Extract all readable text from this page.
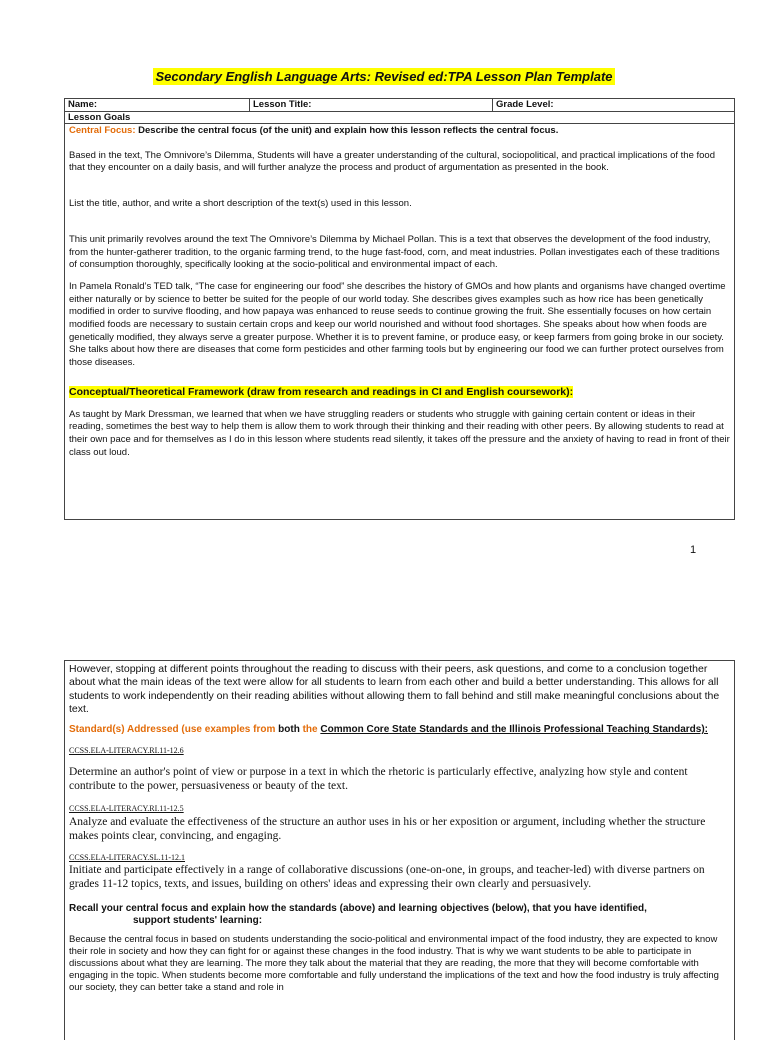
Secondary English Language Arts: Revised ed:TPA Lesson Plan Template
Name:	Lesson Title:	Grade Level:
Lesson Goals

Central Focus: Describe the central focus (of the unit) and explain how this lesson reflects the central focus.

Based in the text, The Omnivore’s Dilemma, Students will have a greater understanding of the cultural, sociopolitical, and practical implications of the food that they encounter on a daily basis, and will further analyze the process and product of argumentation as presented in the book.

List the title, author, and write a short description of the text(s) used in this lesson.

This unit primarily revolves around the text The Omnivore’s Dilemma by Michael Pollan. This is a text that observes the development of the food industry, from the hunter-gatherer tradition, to the organic farming trend, to the huge fast-food, corn, and meat industries. Pollan investigates each of these traditions of consumption thoroughly, specifically looking at the socio-political and environmental impact of each.

In Pamela Ronald’s TED talk, “The case for engineering our food” she describes the history of GMOs and how plants and organisms have changed overtime either naturally or by science to better be suited for the people of our world today. She describes gives examples such as how rice has been genetically modified in order to survive flooding, and how papaya was enhanced to reuse seeds to continue growing the fruit. She essentially focuses on how certain modified foods are necessary to sustain certain crops and keep our world nourished and without food shortages. She speaks about how when foods are genetically modified, they always serve a greater purpose. Whether it is to prevent famine, or produce easy, or keep farmers from going broke in our society. She talks about how there are diseases that come form pesticides and other farming tools but by engineering our food we can further protect ourselves from those diseases.

Conceptual/Theoretical Framework (draw from research and readings in CI and English coursework):

As taught by Mark Dressman, we learned that when we have struggling readers or students who struggle with gaining certain content or ideas in their reading, sometimes the best way to help them is allow them to work through their thinking and their reading with other peers. By allowing students to read at their own pace and for themselves as I do in this lesson where students read silently, it takes off the pressure and the anxiety of having to read in front of their class out loud.

1

However, stopping at different points throughout the reading to discuss with their peers, ask questions, and come to a conclusion together about what the main ideas of the text were allow for all students to learn from each other and build a better understanding. This allows for all students to work independently on their reading abilities without allowing them to fall behind and still make meaningful conclusions about the text.

Standard(s) Addressed (use examples from both the Common Core State Standards and the Illinois Professional Teaching Standards):

CCSS.ELA-LITERACY.RI.11-12.6

Determine an author's point of view or purpose in a text in which the rhetoric is particularly effective, analyzing how style and content contribute to the power, persuasiveness or beauty of the text.

CCSS.ELA-LITERACY.RI.11-12.5

Analyze and evaluate the effectiveness of the structure an author uses in his or her exposition or argument, including whether the structure makes points clear, convincing, and engaging.

CCSS.ELA-LITERACY.SL.11-12.1

Initiate and participate effectively in a range of collaborative discussions (one-on-one, in groups, and teacher-led) with diverse partners on grades 11-12 topics, texts, and issues, building on others' ideas and expressing their own clearly and persuasively.

Recall your central focus and explain how the standards (above) and learning objectives (below), that you have identified,

support students' learning:

Because the central focus in based on students understanding the socio-political and environmental impact of the food industry, they are expected to know their role in society and how they can fight for or against these changes in the food industry. That is why we want students to be able to participate in discussions about what they are learning. The more they talk about the material that they are reading, the more that they will become comfortable with engaging in the topic. When students become more comfortable and fully understand the implications of the text and how the food industry is truly affecting our society, they can better take a stand and role in
